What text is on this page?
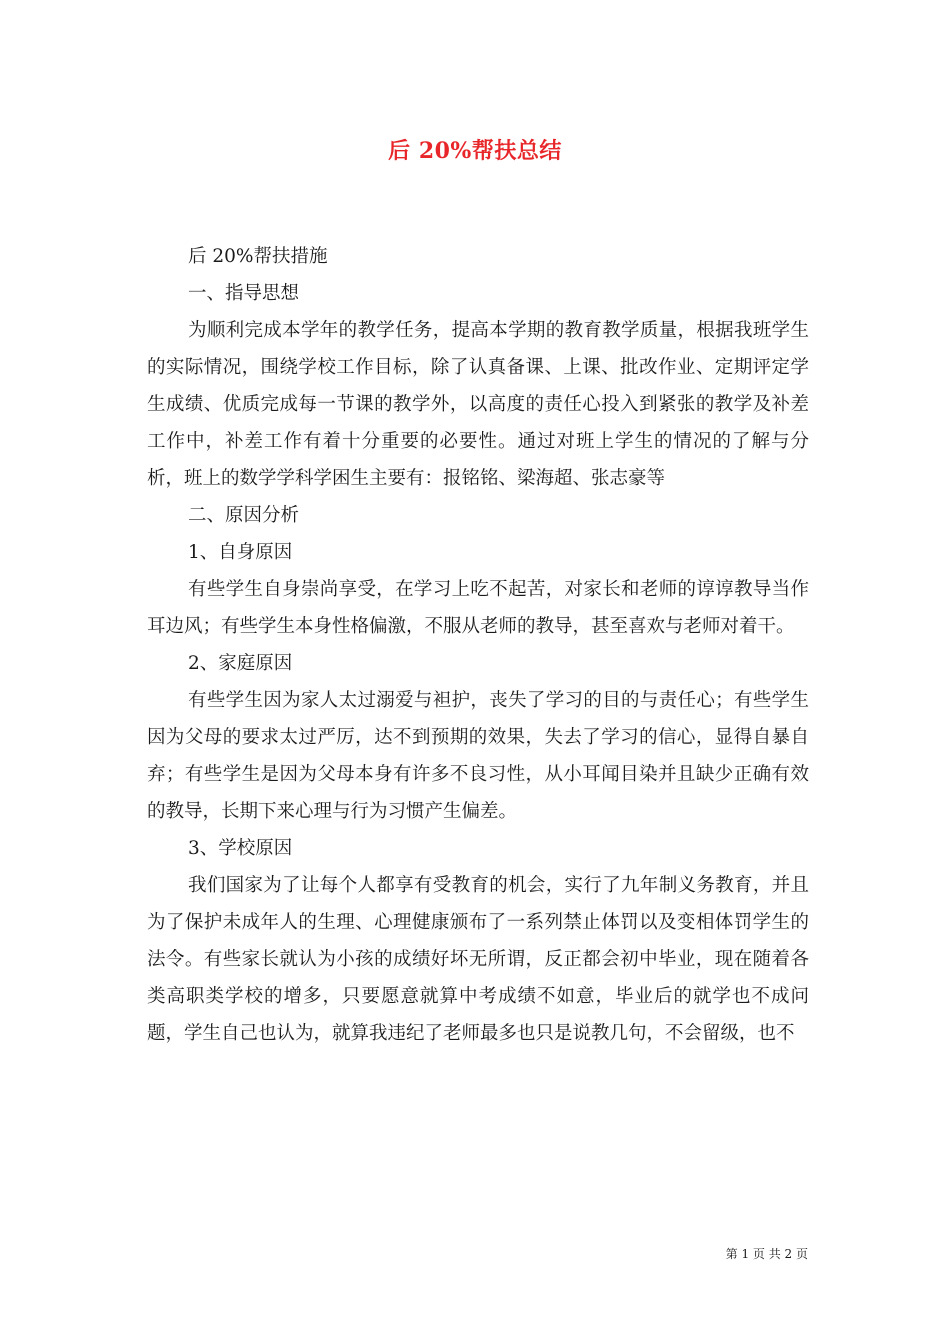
后 20%帮扶总结

后 20%帮扶措施

一、指导思想

为顺利完成本学年的教学任务，提高本学期的教育教学质量，根据我班学生的实际情况，围绕学校工作目标，除了认真备课、上课、批改作业、定期评定学生成绩、优质完成每一节课的教学外，以高度的责任心投入到紧张的教学及补差工作中，补差工作有着十分重要的必要性。通过对班上学生的情况的了解与分析，班上的数学学科学困生主要有：报铭铭、梁海超、张志豪等

二、原因分析

1、自身原因

有些学生自身崇尚享受，在学习上吃不起苦，对家长和老师的谆谆教导当作耳边风；有些学生本身性格偏激，不服从老师的教导，甚至喜欢与老师对着干。

2、家庭原因

有些学生因为家人太过溺爱与袒护，丧失了学习的目的与责任心；有些学生因为父母的要求太过严厉，达不到预期的效果，失去了学习的信心，显得自暴自弃；有些学生是因为父母本身有许多不良习性，从小耳闻目染并且缺少正确有效的教导，长期下来心理与行为习惯产生偏差。

3、学校原因

我们国家为了让每个人都享有受教育的机会，实行了九年制义务教育，并且为了保护未成年人的生理、心理健康颁布了一系列禁止体罚以及变相体罚学生的法令。有些家长就认为小孩的成绩好坏无所谓，反正都会初中毕业，现在随着各类高职类学校的增多，只要愿意就算中考成绩不如意，毕业后的就学也不成问题，学生自己也认为，就算我违纪了老师最多也只是说教几句，不会留级，也不

第 1 页 共 2 页
